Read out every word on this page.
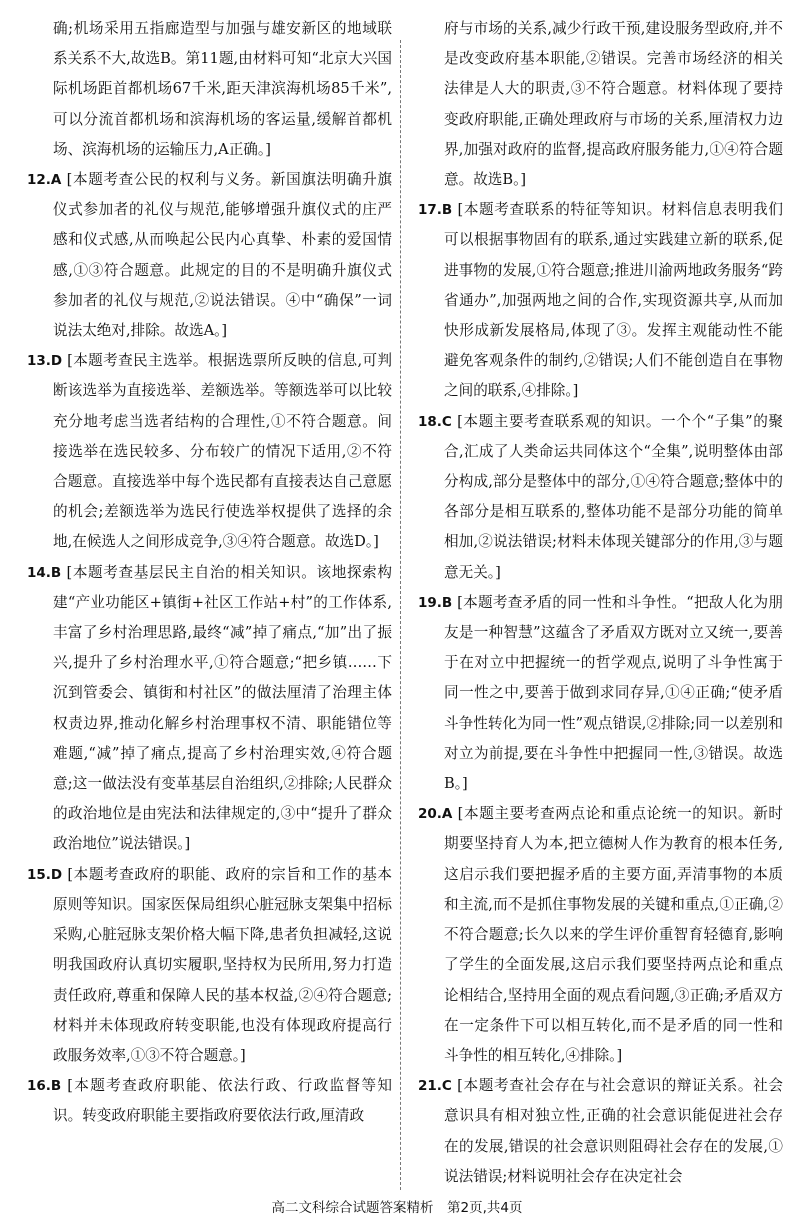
确;机场采用五指廊造型与加强与雄安新区的地域联系关系不大,故选B。第11题,由材料可知“北京大兴国际机场距首都机场67千米,距天津滨海机场85千米”,可以分流首都机场和滨海机场的客运量,缓解首都机场、滨海机场的运输压力,A正确。]

12.A [本题考查公民的权利与义务。新国旗法明确升旗仪式参加者的礼仪与规范,能够增强升旗仪式的庄严感和仪式感,从而唤起公民内心真挚、朴素的爱国情感,①③符合题意。此规定的目的不是明确升旗仪式参加者的礼仪与规范,②说法错误。④中“确保”一词说法太绝对,排除。故选A。]

13.D [本题考查民主选举。根据选票所反映的信息,可判断该选举为直接选举、差额选举。等额选举可以比较充分地考虑当选者结构的合理性,①不符合题意。间接选举在选民较多、分布较广的情况下适用,②不符合题意。直接选举中每个选民都有直接表达自己意愿的机会;差额选举为选民行使选举权提供了选择的余地,在候选人之间形成竞争,③④符合题意。故选D。]

14.B [本题考查基层民主自治的相关知识。该地探索构建“产业功能区+镇街+社区工作站+村”的工作体系,丰富了乡村治理思路,最终“减”掉了痛点,“加”出了振兴,提升了乡村治理水平,①符合题意;“把乡镇……下沉到管委会、镇街和村社区”的做法厘清了治理主体权责边界,推动化解乡村治理事权不清、职能错位等难题,“减”掉了痛点,提高了乡村治理实效,④符合题意;这一做法没有变革基层自治组织,②排除;人民群众的政治地位是由宪法和法律规定的,③中“提升了群众政治地位”说法错误。]

15.D [本题考查政府的职能、政府的宗旨和工作的基本原则等知识。国家医保局组织心脏冠脉支架集中招标采购,心脏冠脉支架价格大幅下降,患者负担减轻,这说明我国政府认真切实履职,坚持权为民所用,努力打造责任政府,尊重和保障人民的基本权益,②④符合题意;材料并未体现政府转变职能,也没有体现政府提高行政服务效率,①③不符合题意。]

16.B [本题考查政府职能、依法行政、行政监督等知识。转变政府职能主要指政府要依法行政,厘清政

府与市场的关系,减少行政干预,建设服务型政府,并不是改变政府基本职能,②错误。完善市场经济的相关法律是人大的职责,③不符合题意。材料体现了要持变政府职能,正确处理政府与市场的关系,厘清权力边界,加强对政府的监督,提高政府服务能力,①④符合题意。故选B。]

17.B [本题考查联系的特征等知识。材料信息表明我们可以根据事物固有的联系,通过实践建立新的联系,促进事物的发展,①符合题意;推进川渝两地政务服务“跨省通办”,加强两地之间的合作,实现资源共享,从而加快形成新发展格局,体现了③。发挥主观能动性不能避免客观条件的制约,②错误;人们不能创造自在事物之间的联系,④排除。]

18.C [本题主要考查联系观的知识。一个个“子集”的聚合,汇成了人类命运共同体这个“全集”,说明整体由部分构成,部分是整体中的部分,①④符合题意;整体中的各部分是相互联系的,整体功能不是部分功能的简单相加,②说法错误;材料未体现关键部分的作用,③与题意无关。]

19.B [本题考查矛盾的同一性和斗争性。“把敌人化为朋友是一种智慧”这蕴含了矛盾双方既对立又统一,要善于在对立中把握统一的哲学观点,说明了斗争性寓于同一性之中,要善于做到求同存异,①④正确;“使矛盾斗争性转化为同一性”观点错误,②排除;同一以差别和对立为前提,要在斗争性中把握同一性,③错误。故选B。]

20.A [本题主要考查两点论和重点论统一的知识。新时期要坚持育人为本,把立德树人作为教育的根本任务,这启示我们要把握矛盾的主要方面,弄清事物的本质和主流,而不是抓住事物发展的关键和重点,①正确,②不符合题意;长久以来的学生评价重智育轻德育,影响了学生的全面发展,这启示我们要坚持两点论和重点论相结合,坚持用全面的观点看问题,③正确;矛盾双方在一定条件下可以相互转化,而不是矛盾的同一性和斗争性的相互转化,④排除。]

21.C [本题考查社会存在与社会意识的辩证关系。社会意识具有相对独立性,正确的社会意识能促进社会存在的发展,错误的社会意识则阻碍社会存在的发展,①说法错误;材料说明社会存在决定社会

高二文科综合试题答案精析　第2页,共4页
